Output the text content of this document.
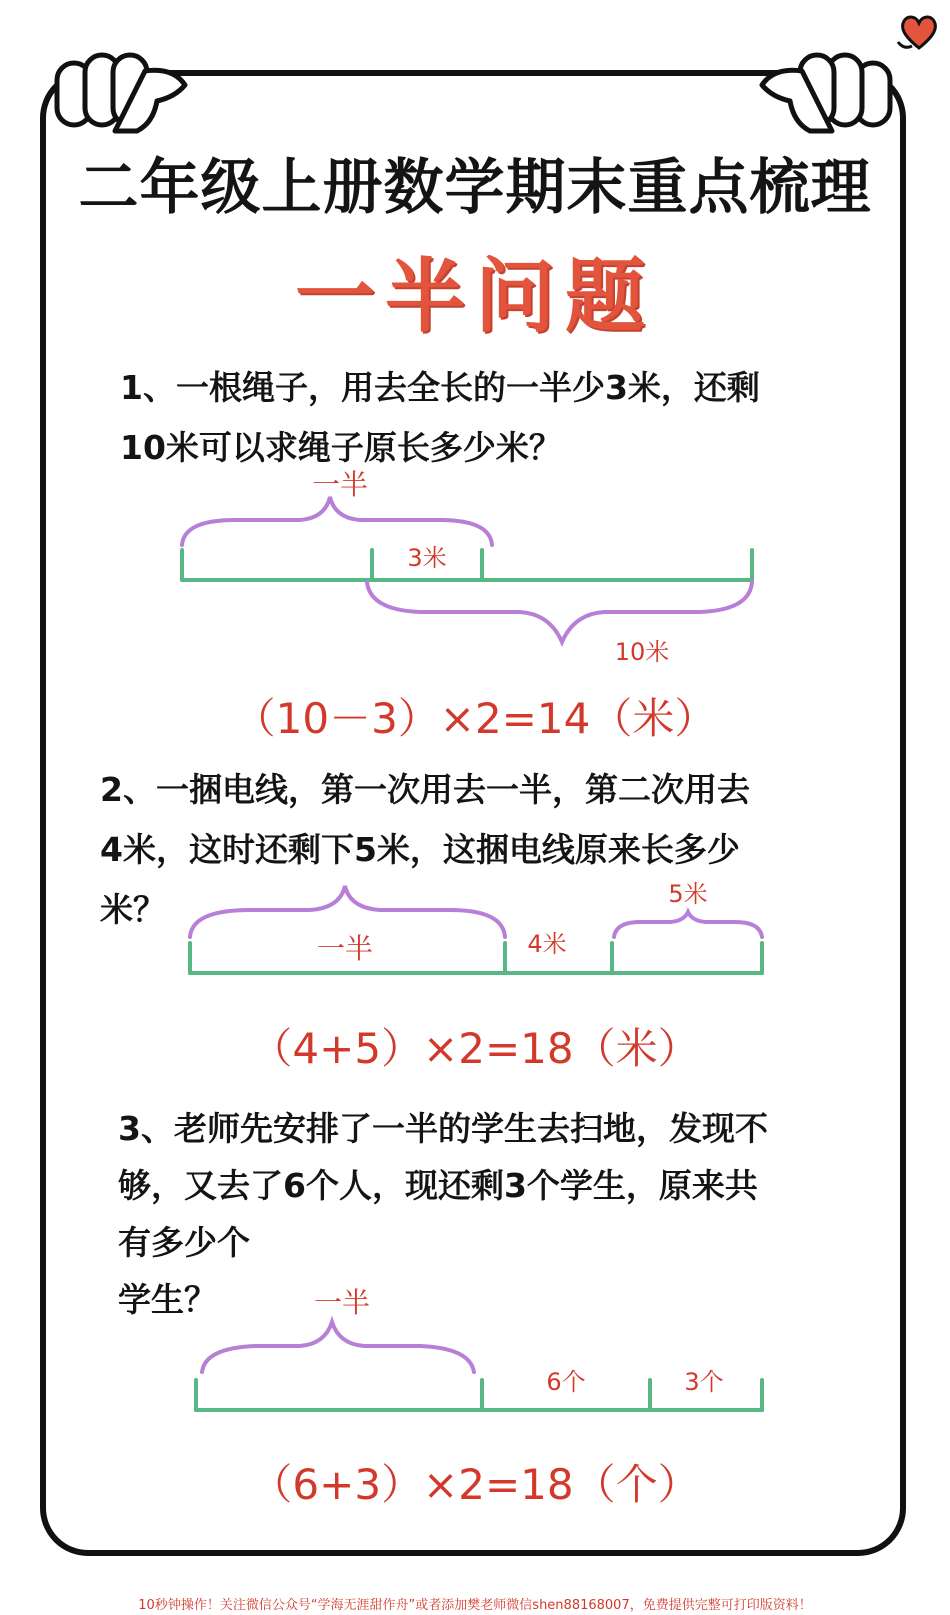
二年级上册数学期末重点梳理
一半问题
1、一根绳子，用去全长的一半少3米，还剩
10米可以求绳子原长多少米？
一半
3米
10米

（10－3）×2=14（米）

2、一捆电线，第一次用去一半，第二次用去
4米，这时还剩下5米，这捆电线原来长多少
米？
一半	4米
5米

（4+5）×2=18（米）

3、老师先安排了一半的学生去扫地，发现不
够，又去了6个人，现还剩3个学生，原来共
有多少个
学生？	一半
6个	3个

（6+3）×2=18（个）

10秒钟操作！关注微信公众号“学海无涯甜作舟”或者添加樊老师微信shen88168007，免费提供完整可打印版资料！
